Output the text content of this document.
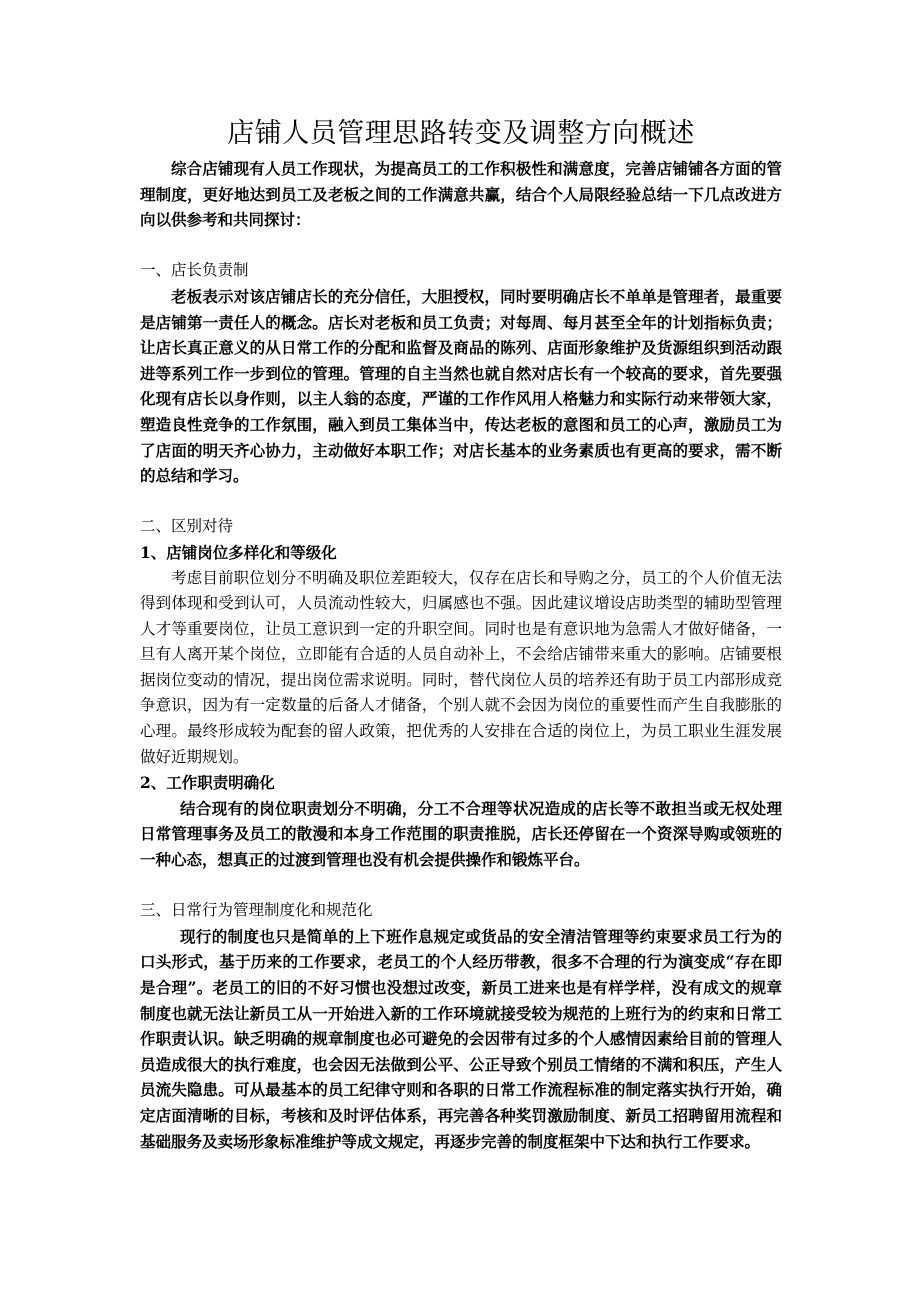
店铺人员管理思路转变及调整方向概述

综合店铺现有人员工作现状，为提高员工的工作积极性和满意度，完善店铺铺各方面的管理制度，更好地达到员工及老板之间的工作满意共赢，结合个人局限经验总结一下几点改进方向以供参考和共同探讨：

一、店长负责制

老板表示对该店铺店长的充分信任，大胆授权，同时要明确店长不单单是管理者，最重要是店铺第一责任人的概念。店长对老板和员工负责；对每周、每月甚至全年的计划指标负责；让店长真正意义的从日常工作的分配和监督及商品的陈列、店面形象维护及货源组织到活动跟进等系列工作一步到位的管理。管理的自主当然也就自然对店长有一个较高的要求，首先要强化现有店长以身作则，以主人翁的态度，严谨的工作作风用人格魅力和实际行动来带领大家，塑造良性竞争的工作氛围，融入到员工集体当中，传达老板的意图和员工的心声，激励员工为了店面的明天齐心协力，主动做好本职工作；对店长基本的业务素质也有更高的要求，需不断的总结和学习。

二、区别对待

1、店铺岗位多样化和等级化

考虑目前职位划分不明确及职位差距较大，仅存在店长和导购之分，员工的个人价值无法得到体现和受到认可，人员流动性较大，归属感也不强。因此建议增设店助类型的辅助型管理人才等重要岗位，让员工意识到一定的升职空间。同时也是有意识地为急需人才做好储备，一旦有人离开某个岗位，立即能有合适的人员自动补上，不会给店铺带来重大的影响。店铺要根据岗位变动的情况，提出岗位需求说明。同时，替代岗位人员的培养还有助于员工内部形成竞争意识，因为有一定数量的后备人才储备，个别人就不会因为岗位的重要性而产生自我膨胀的心理。最终形成较为配套的留人政策，把优秀的人安排在合适的岗位上，为员工职业生涯发展做好近期规划。

2、工作职责明确化

结合现有的岗位职责划分不明确，分工不合理等状况造成的店长等不敢担当或无权处理日常管理事务及员工的散漫和本身工作范围的职责推脱，店长还停留在一个资深导购或领班的一种心态，想真正的过渡到管理也没有机会提供操作和锻炼平台。

三、日常行为管理制度化和规范化

现行的制度也只是简单的上下班作息规定或货品的安全清洁管理等约束要求员工行为的口头形式，基于历来的工作要求，老员工的个人经历带教，很多不合理的行为演变成“存在即是合理”。老员工的旧的不好习惯也没想过改变，新员工进来也是有样学样，没有成文的规章制度也就无法让新员工从一开始进入新的工作环境就接受较为规范的上班行为的约束和日常工作职责认识。缺乏明确的规章制度也必可避免的会因带有过多的个人感情因素给目前的管理人员造成很大的执行难度，也会因无法做到公平、公正导致个别员工情绪的不满和积压，产生人员流失隐患。可从最基本的员工纪律守则和各职的日常工作流程标准的制定落实执行开始，确定店面清晰的目标，考核和及时评估体系，再完善各种奖罚激励制度、新员工招聘留用流程和基础服务及卖场形象标准维护等成文规定，再逐步完善的制度框架中下达和执行工作要求。
